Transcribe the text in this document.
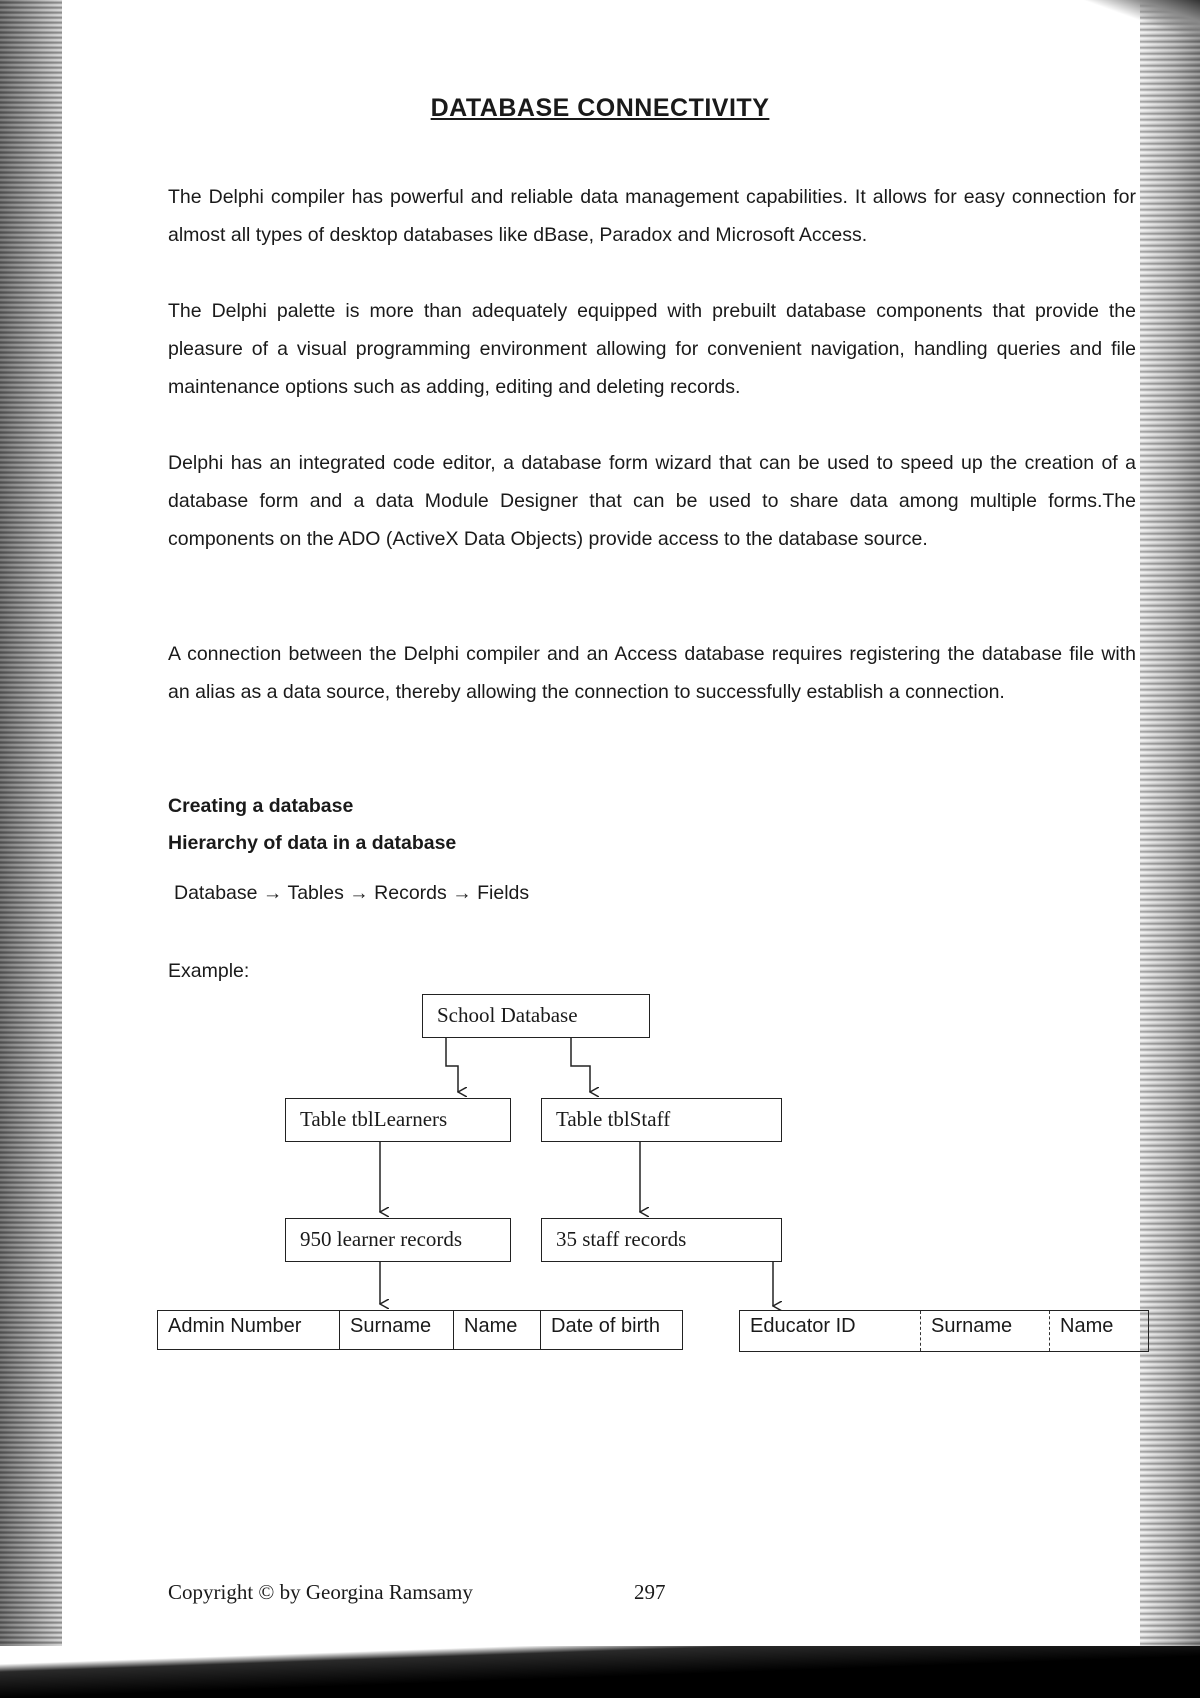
DATABASE CONNECTIVITY

The Delphi compiler has powerful and reliable data management capabilities. It allows for easy connection for almost all types of desktop databases like dBase, Paradox and Microsoft Access.

The Delphi palette is more than adequately equipped with prebuilt database components that provide the pleasure of a visual programming environment allowing for convenient navigation, handling queries and file maintenance options such as adding, editing and deleting records.

Delphi has an integrated code editor, a database form wizard that can be used to speed up the creation of a database form and a data Module Designer that can be used to share data among multiple forms.The components on the ADO (ActiveX Data Objects) provide access to the database source.

A connection between the Delphi compiler and an Access database requires registering the database file with an alias as a data source, thereby allowing the connection to successfully establish a connection.

Creating a database

Hierarchy of data in a database

Database → Tables → Records → Fields
Example:
School Database
Table tblLearners	Table tblStaff
950 learner records	35 staff records
Admin Number	Surname	Name	Date of birth	Educator ID	Surname	Name
Copyright © by Georgina Ramsamy	297
